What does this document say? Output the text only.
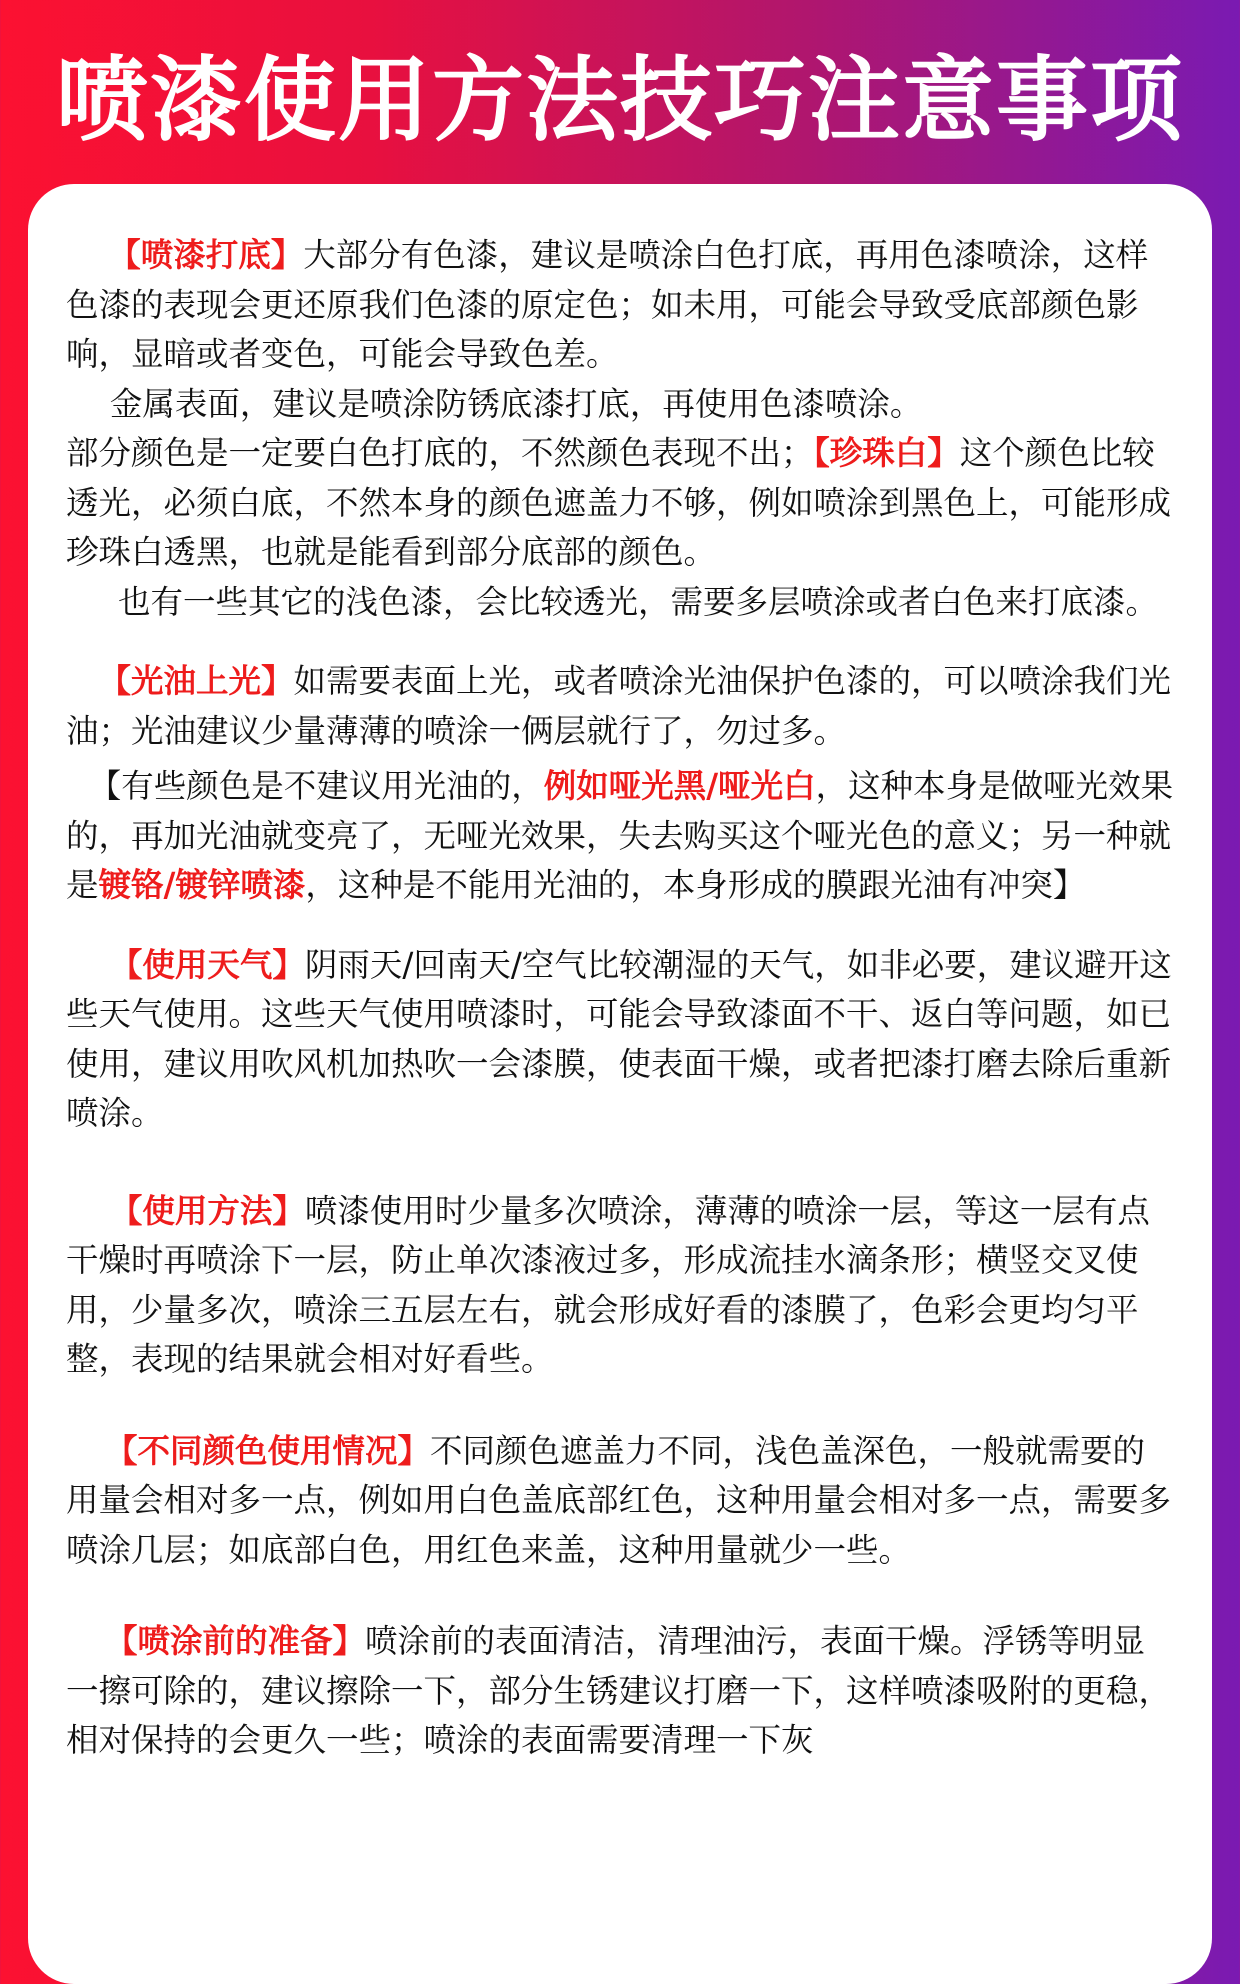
喷漆使用方法技巧注意事项

【喷漆打底】大部分有色漆，建议是喷涂白色打底，再用色漆喷涂，这样色漆的表现会更还原我们色漆的原定色；如未用，可能会导致受底部颜色影响，显暗或者变色，可能会导致色差。

金属表面，建议是喷涂防锈底漆打底，再使用色漆喷涂。

部分颜色是一定要白色打底的，不然颜色表现不出；【珍珠白】这个颜色比较透光，必须白底，不然本身的颜色遮盖力不够，例如喷涂到黑色上，可能形成珍珠白透黑，也就是能看到部分底部的颜色。

也有一些其它的浅色漆，会比较透光，需要多层喷涂或者白色来打底漆。

【光油上光】如需要表面上光，或者喷涂光油保护色漆的，可以喷涂我们光油；光油建议少量薄薄的喷涂一俩层就行了，勿过多。

【有些颜色是不建议用光油的，例如哑光黑/哑光白，这种本身是做哑光效果的，再加光油就变亮了，无哑光效果，失去购买这个哑光色的意义；另一种就是镀铬/镀锌喷漆，这种是不能用光油的，本身形成的膜跟光油有冲突】

【使用天气】阴雨天/回南天/空气比较潮湿的天气，如非必要，建议避开这些天气使用。这些天气使用喷漆时，可能会导致漆面不干、返白等问题，如已使用，建议用吹风机加热吹一会漆膜，使表面干燥，或者把漆打磨去除后重新喷涂。

【使用方法】喷漆使用时少量多次喷涂，薄薄的喷涂一层，等这一层有点干燥时再喷涂下一层，防止单次漆液过多，形成流挂水滴条形；横竖交叉使用，少量多次，喷涂三五层左右，就会形成好看的漆膜了，色彩会更均匀平整，表现的结果就会相对好看些。

【不同颜色使用情况】不同颜色遮盖力不同，浅色盖深色，一般就需要的用量会相对多一点，例如用白色盖底部红色，这种用量会相对多一点，需要多喷涂几层；如底部白色，用红色来盖，这种用量就少一些。

【喷涂前的准备】喷涂前的表面清洁，清理油污，表面干燥。浮锈等明显一擦可除的，建议擦除一下，部分生锈建议打磨一下，这样喷漆吸附的更稳，相对保持的会更久一些；喷涂的表面需要清理一下灰
